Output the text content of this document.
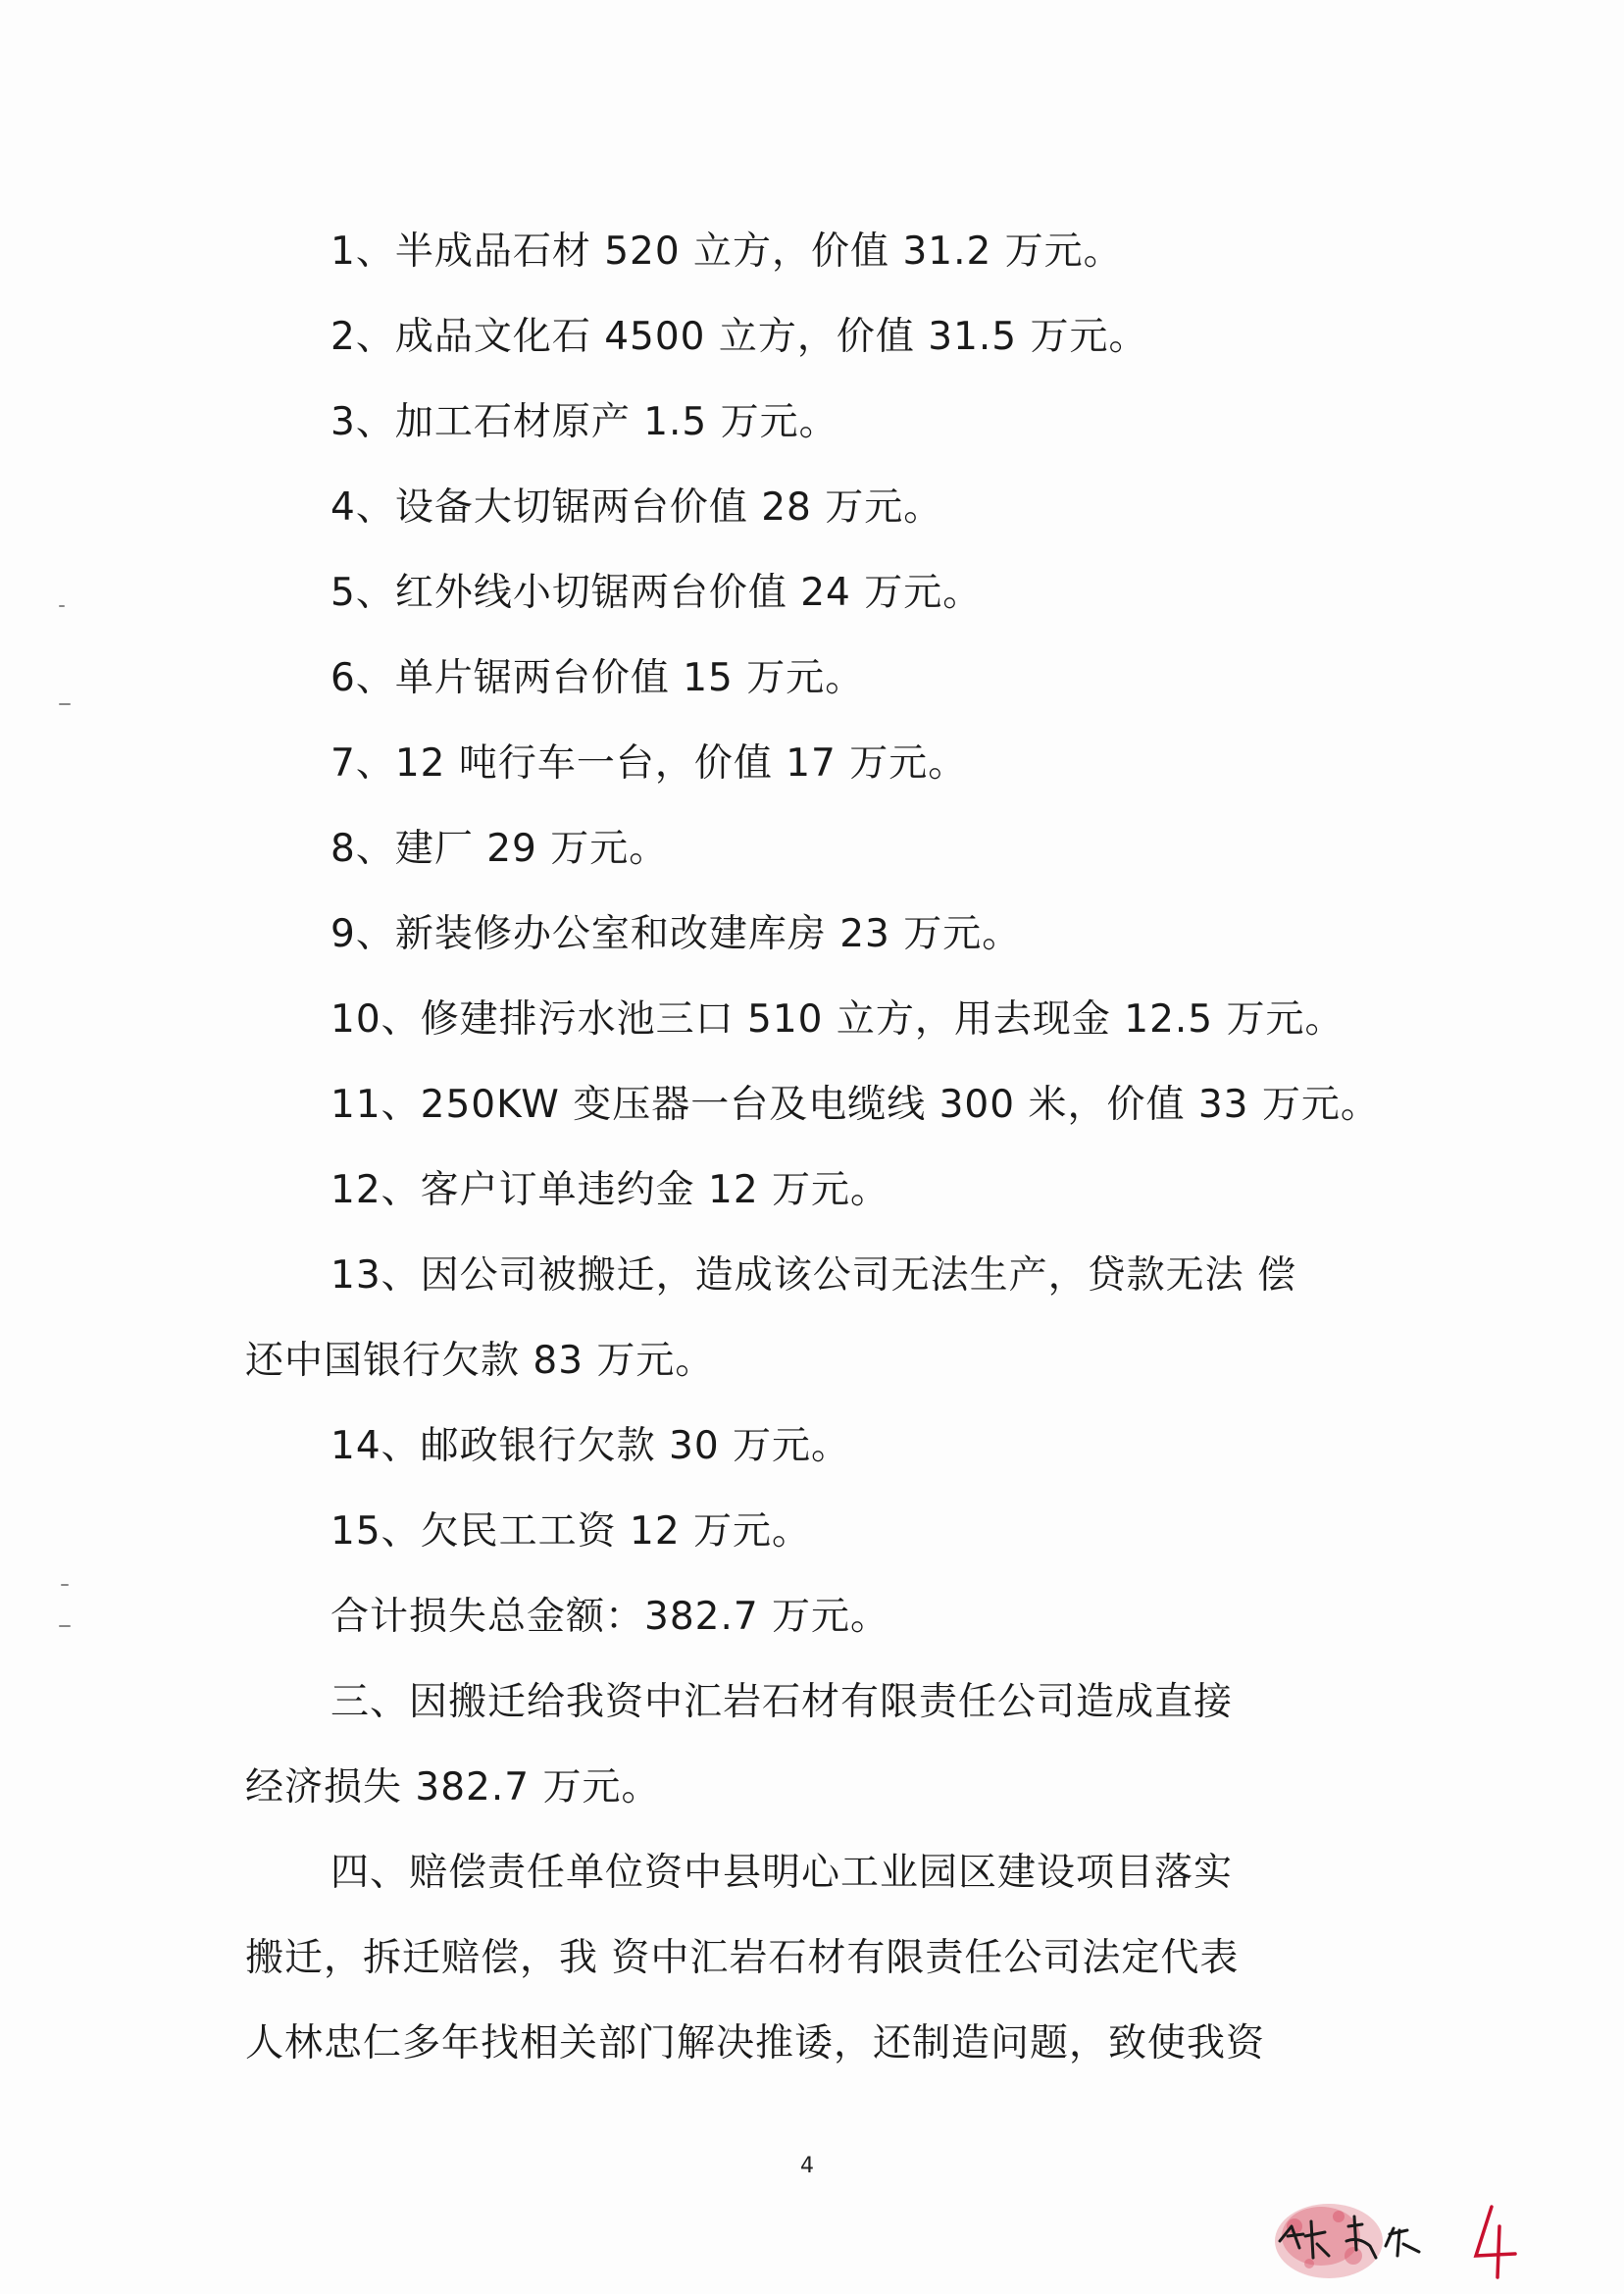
1、半成品石材 520 立方，价值 31.2 万元。
2、成品文化石 4500 立方，价值 31.5 万元。
3、加工石材原产 1.5 万元。
4、设备大切锯两台价值 28 万元。
5、红外线小切锯两台价值 24 万元。
6、单片锯两台价值 15 万元。
7、12 吨行车一台，价值 17 万元。
8、建厂 29 万元。
9、新装修办公室和改建库房 23 万元。
10、修建排污水池三口 510 立方，用去现金 12.5 万元。
11、250KW 变压器一台及电缆线 300 米，价值 33 万元。
12、客户订单违约金 12 万元。
13、因公司被搬迁，造成该公司无法生产，贷款无法 偿
还中国银行欠款 83 万元。
14、邮政银行欠款 30 万元。
15、欠民工工资 12 万元。
合计损失总金额：382.7 万元。
三、因搬迁给我资中汇岩石材有限责任公司造成直接
经济损失 382.7 万元。
四、赔偿责任单位资中县明心工业园区建设项目落实
搬迁，拆迁赔偿，我 资中汇岩石材有限责任公司法定代表
人林忠仁多年找相关部门解决推诿，还制造问题，致使我资
4
